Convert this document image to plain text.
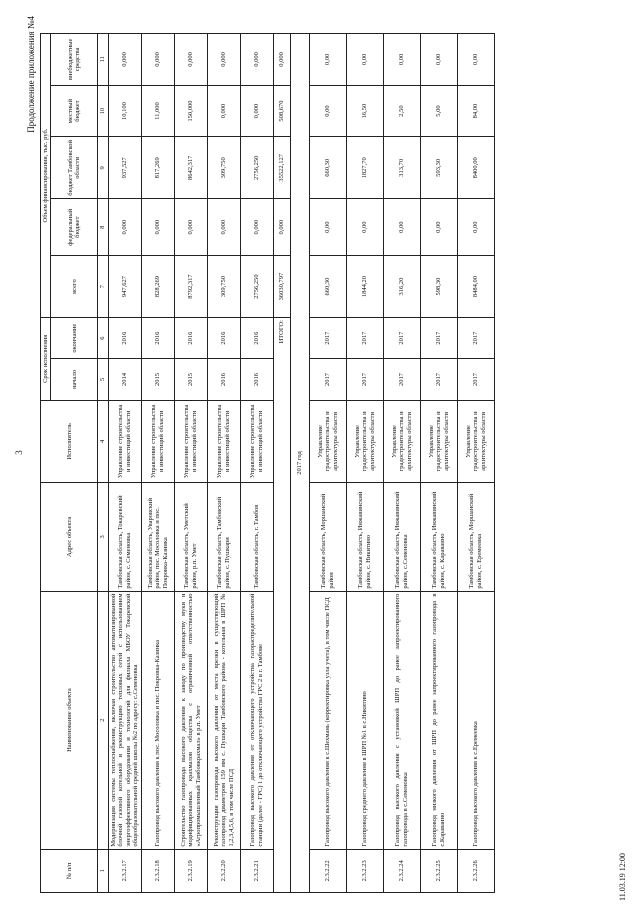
3
Продолжение приложения №4
№ п/п	Наименование объекта	Адрес объекта	Исполнитель	Срок исполнения		Объем финансирования, тыс. руб.				
				начало	окончание	всего	федеральный бюджет	бюджет Тамбовской области	местный бюджет	внебюджетные средства

1	2	3	4	5	6	7	8	9	10	11
2.3.2.17	Модернизация системы теплоснабжения, включая строительство автоматизированной блочной газовой котельной и реконструкцию тепловых сетей с использованием энергоэффективного оборудования и технологий для филиала МБОУ Токаревской общеобразовательной средней школы №2 по адресу: с.Семеновка	Тамбовская область, Токаревский район, с. Семеновка	Управление строительства и инвестиций области	2014	2016	947,627	0,000	937,527	10,100	0,000
2.3.2.18	Газопровод высокого давления к пос. Мосоловка и пос. Покровка-Казинка	Тамбовская область, Уваровский район, пос. Мосоловка и пос. Покровка-Казинка	Управление строительства и инвестиций области	2015	2016	828,269	0,000	817,269	11,000	0,000
2.3.2.19	Строительство газопровода высокого давления к заводу по производству муки и модифицированных крахмалов общества с ограниченной ответственностью «Агропромышленный Тамбовкрахмал» в р.п. Умет	Тамбовская область, Уметский район, р.п. Умет	Управление строительства и инвестиций области	2015	2016	8792,317	0,000	8642,317	150,000	0,000
2.3.2.20	Реконструкция газопровода высокого давления от места врезки в существующий газопровод диаметром 159 мм с. Пушкари Тамбовского района - котельная в ШРП № 1,2,3,4,5,6, в том числе ПСД	Тамбовская область, Тамбовский район, с. Пушкари	Управление строительства и инвестиций области	2016	2016	309,750	0,000	309,750	0,000	0,000
2.3.2.21	Газопровод высокого давления от отключающего устройства газораспределительной станции (далее - ГРС) 1 до отключающего устройства ГРС 2 в г. Тамбове	Тамбовская область, г. Тамбов	Управление строительства и инвестиций области	2016	2016	2756,250	0,000	2756,250	0,000	0,000
ИТОГО:						36030,797	0,000	35522,127	508,670	0,000
2017 год										
2.3.2.22	Газопровод высокого давления к с.Шехмань (корректировка узла учета), в том числе ПСД	Тамбовская область, Моршанский район	Управление градостроительства и архитектуры области	2017	2017	660,30	0,00	660,30	0,00	0,00
2.3.2.23	Газопровод среднего давления в ШРП №1 в с.Никитино	Тамбовская область, Инжавинский район, с. Никитино	Управление градостроительства и архитектуры области	2017	2017	1844,20	0,00	1827,70	16,50	0,00
2.3.2.24	Газопровод высокого давления с установкой ШРП до ранее запроектированного газопровода в с.Семеновка	Тамбовская область, Инжавинский район, с.Семеновка	Управление градостроительства и архитектуры области	2017	2017	316,20	0,00	313,70	2,50	0,00
2.3.2.25	Газопровод низкого давления от ШРП до ранее запроектированного газопровода в с.Караваино	Тамбовская область, Инжавинский район, с. Караваино	Управление градостроительства и архитектуры области	2017	2017	598,30	0,00	593,30	5,00	0,00
2.3.2.26	Газопровод высокого давления к с.Еремеевка	Тамбовская область, Моршанский район, с. Еремеевка	Управление градостроительства и архитектуры области	2017	2017	8484,00	0,00	8400,00	84,00	0,00
11.03.19 12:00
